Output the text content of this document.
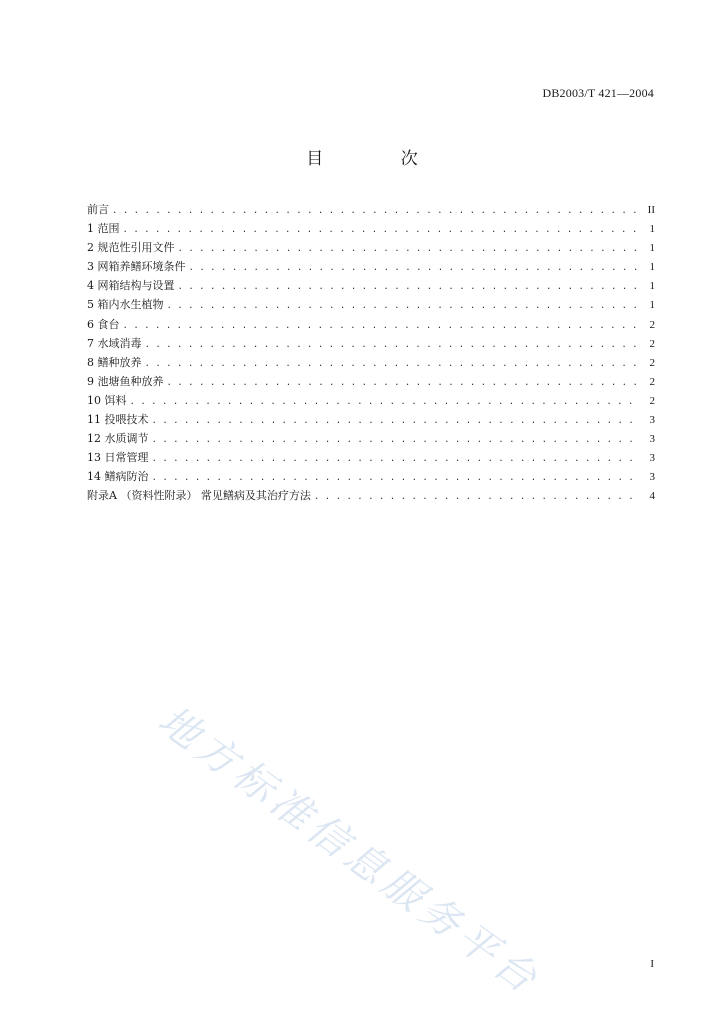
DB2003/T 421—2004
目 次
前言 . . .	II
1 范围 . . .	1
2 规范性引用文件 . . .	1
3 网箱养鳝环境条件 . . .	1
4 网箱结构与设置 . . .	1
5 箱内水生植物 . . .	1
6 食台 . . .	2
7 水域消毒 . . .	2
8 鳝种放养 . . .	2
9 池塘鱼种放养 . . .	2
10 饵料 . . .	2
11 投喂技术 . . .	3
12 水质调节 . . .	3
13 日常管理 . . .	3
14 鳝病防治 . . .	3
附录A （资料性附录） 常见鳝病及其治疗方法 . . .	4
地方标准信息服务平台	I
